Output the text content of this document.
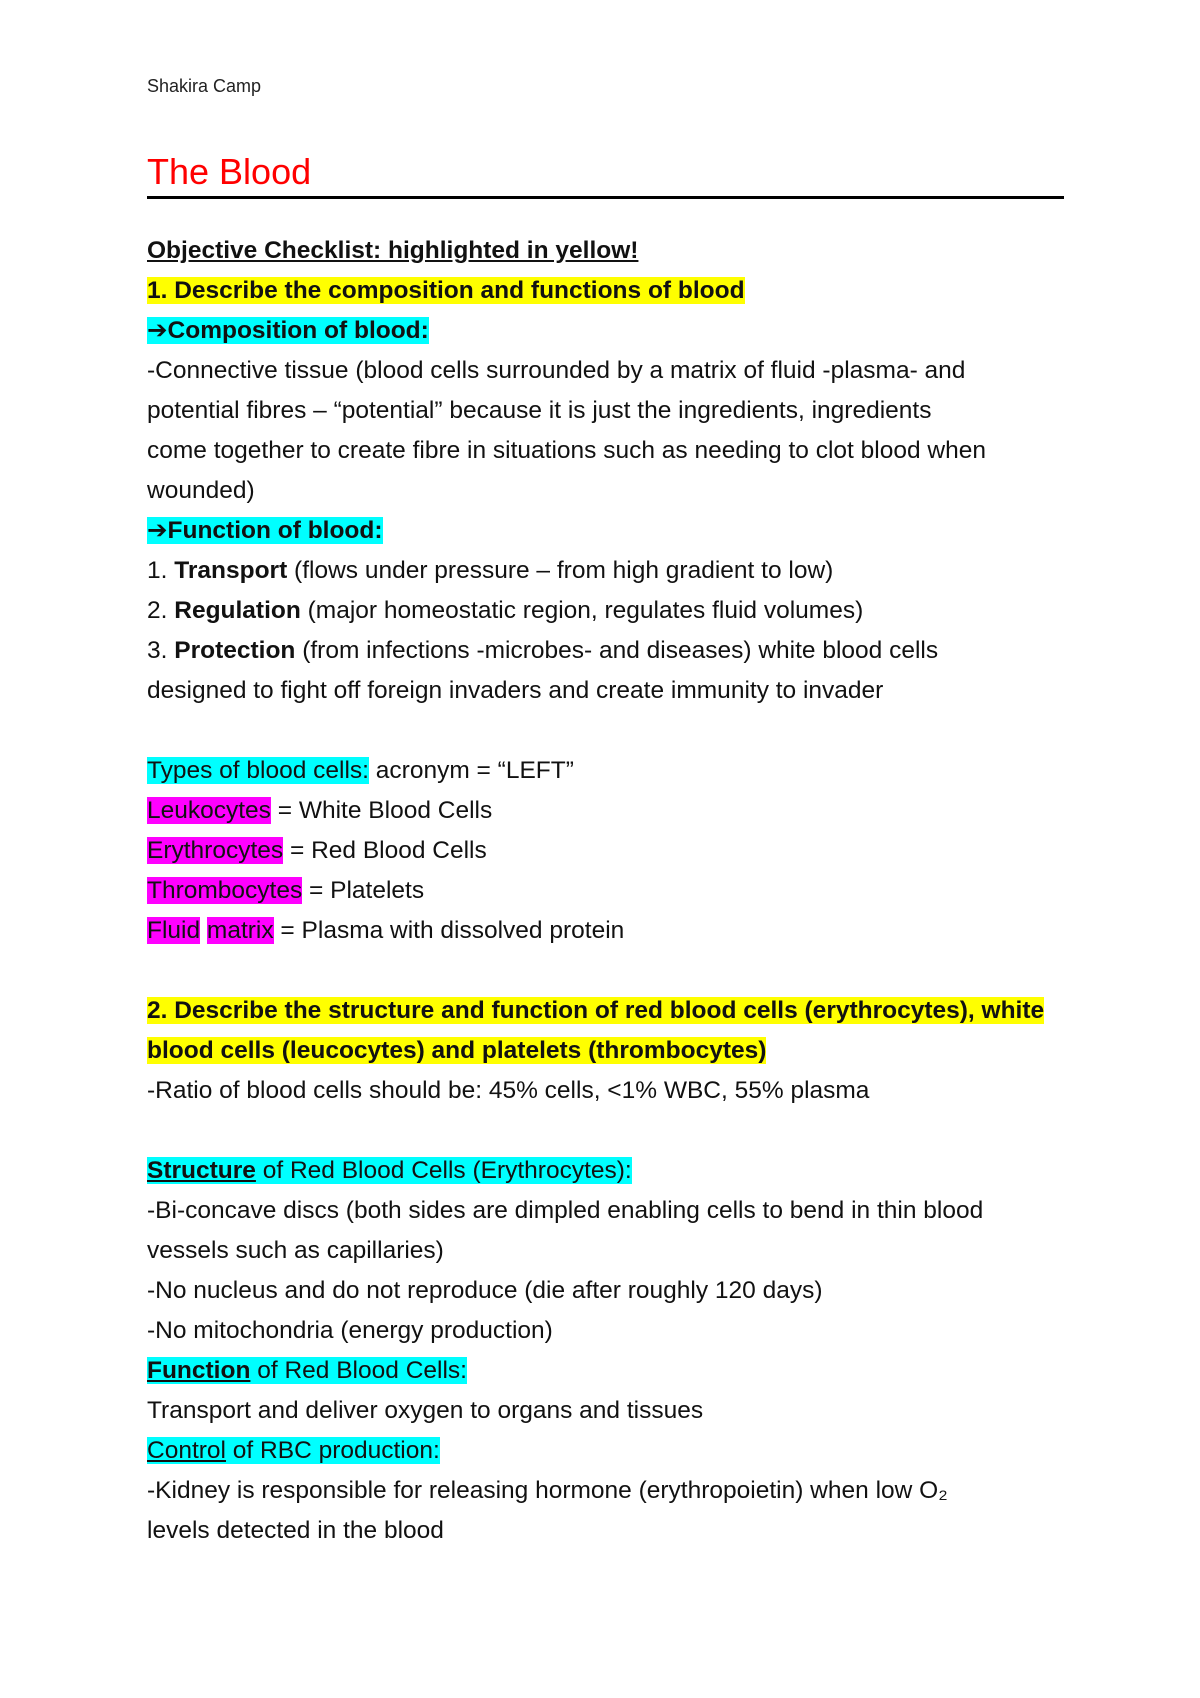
Shakira Camp
The Blood
Objective Checklist: highlighted in yellow!
1. Describe the composition and functions of blood
➔Composition of blood:
-Connective tissue (blood cells surrounded by a matrix of fluid -plasma- and
potential fibres – “potential” because it is just the ingredients, ingredients
come together to create fibre in situations such as needing to clot blood when
wounded)
➔Function of blood:
1. Transport (flows under pressure – from high gradient to low)
2. Regulation (major homeostatic region, regulates fluid volumes)
3. Protection (from infections -microbes- and diseases) white blood cells
designed to fight off foreign invaders and create immunity to invader
Types of blood cells: acronym = “LEFT”
Leukocytes = White Blood Cells
Erythrocytes = Red Blood Cells
Thrombocytes = Platelets
Fluid matrix = Plasma with dissolved protein
2. Describe the structure and function of red blood cells (erythrocytes), white
blood cells (leucocytes) and platelets (thrombocytes)
-Ratio of blood cells should be: 45% cells, <1% WBC, 55% plasma
Structure of Red Blood Cells (Erythrocytes):
-Bi-concave discs (both sides are dimpled enabling cells to bend in thin blood
vessels such as capillaries)
-No nucleus and do not reproduce (die after roughly 120 days)
-No mitochondria (energy production)
Function of Red Blood Cells:
Transport and deliver oxygen to organs and tissues
Control of RBC production:
-Kidney is responsible for releasing hormone (erythropoietin) when low O₂
levels detected in the blood
